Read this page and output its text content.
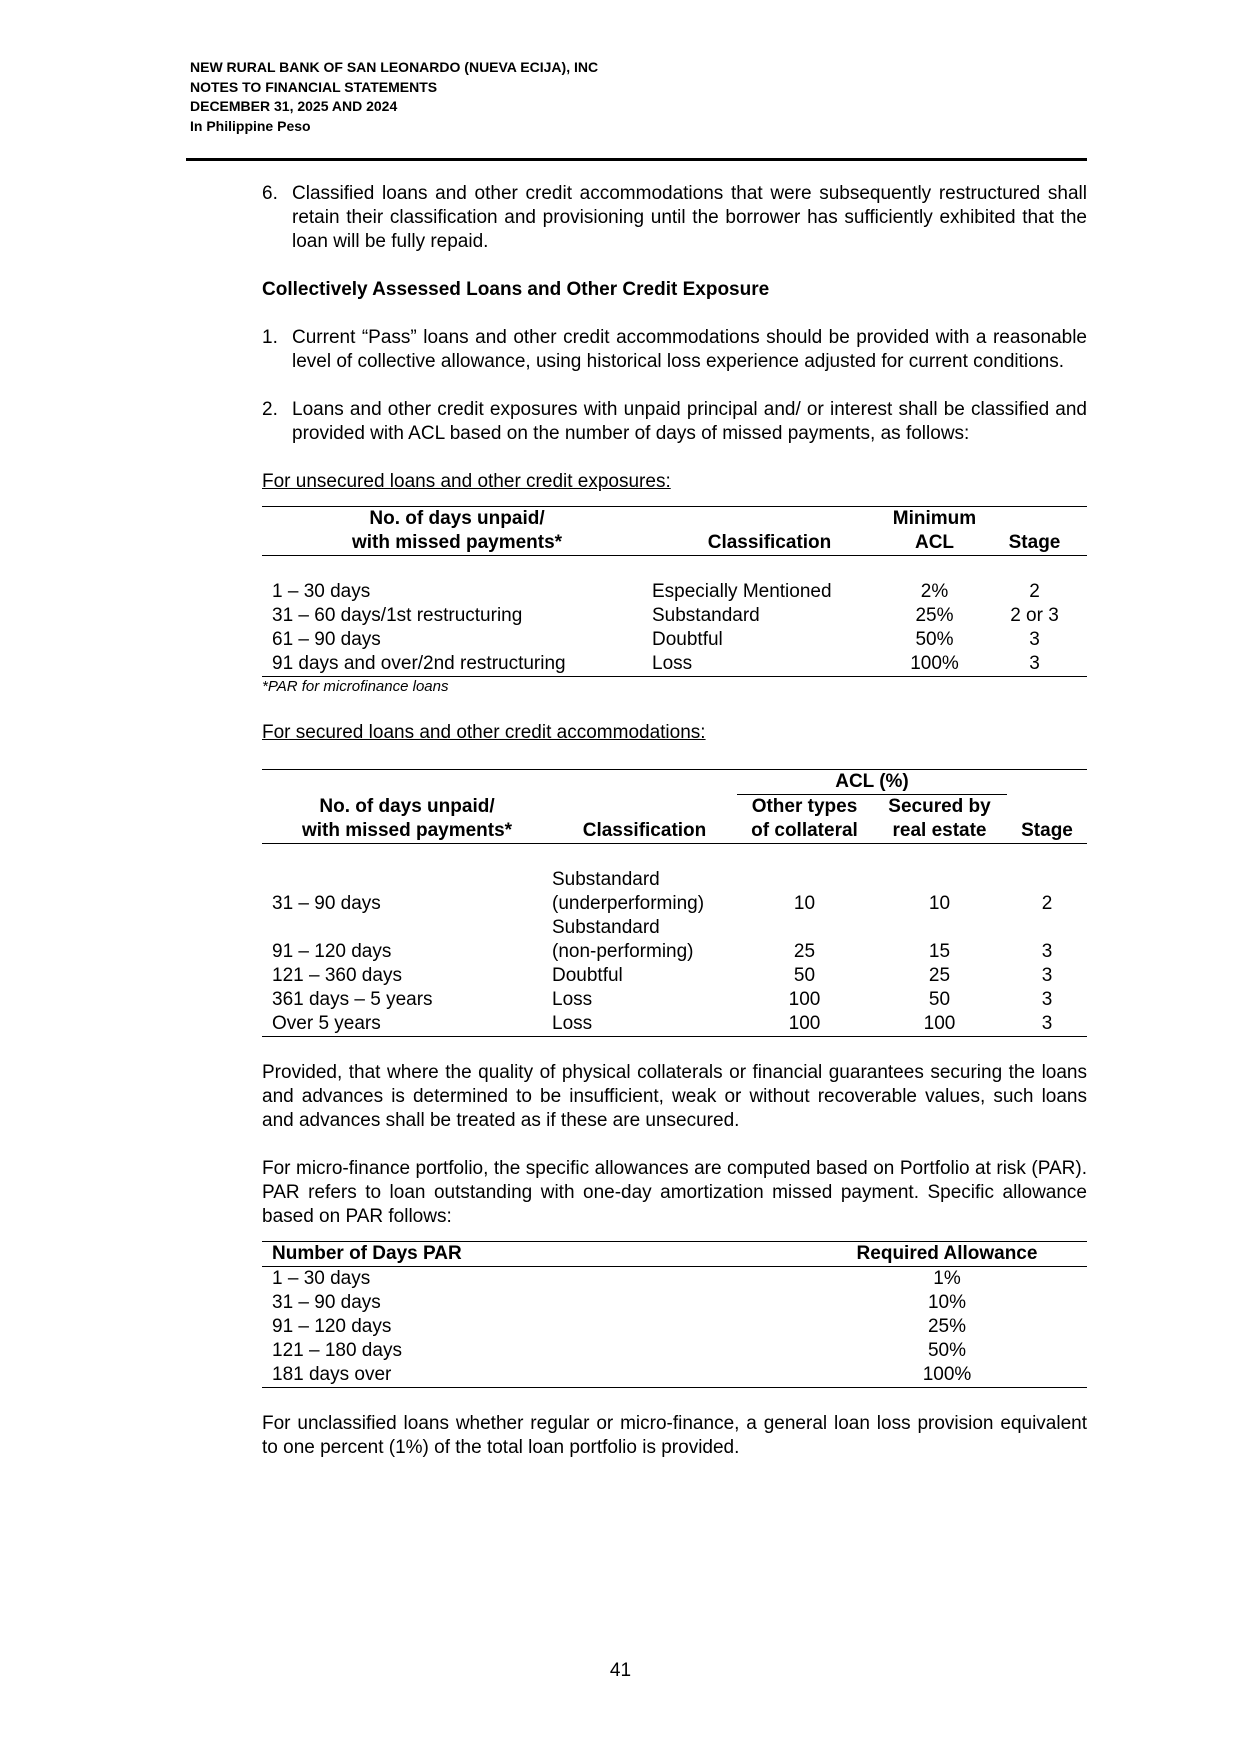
NEW RURAL BANK OF SAN LEONARDO (NUEVA ECIJA), INC
NOTES TO FINANCIAL STATEMENTS
DECEMBER 31, 2025 AND 2024
In Philippine Peso
6. Classified loans and other credit accommodations that were subsequently restructured shall retain their classification and provisioning until the borrower has sufficiently exhibited that the loan will be fully repaid.
Collectively Assessed Loans and Other Credit Exposure
1. Current “Pass” loans and other credit accommodations should be provided with a reasonable level of collective allowance, using historical loss experience adjusted for current conditions.
2. Loans and other credit exposures with unpaid principal and/ or interest shall be classified and provided with ACL based on the number of days of missed payments, as follows:
For unsecured loans and other credit exposures:
No. of days unpaid/		Minimum	
with missed payments*	Classification	ACL	Stage

1 – 30 days	Especially Mentioned	2%	2
31 – 60 days/1st restructuring	Substandard	25%	2 or 3
61 – 90 days	Doubtful	50%	3
91 days and over/2nd restructuring	Loss	100%	3
*PAR for microfinance loans
For secured loans and other credit accommodations:
		ACL (%)		
No. of days unpaid/		Other types	Secured by	
with missed payments*	Classification	of collateral	real estate	Stage

	Substandard			
31 – 90 days	(underperforming)	10	10	2
	Substandard			
91 – 120 days	(non-performing)	25	15	3
121 – 360 days	Doubtful	50	25	3
361 days – 5 years	Loss	100	50	3
Over 5 years	Loss	100	100	3
Provided, that where the quality of physical collaterals or financial guarantees securing the loans and advances is determined to be insufficient, weak or without recoverable values, such loans and advances shall be treated as if these are unsecured.
For micro-finance portfolio, the specific allowances are computed based on Portfolio at risk (PAR). PAR refers to loan outstanding with one-day amortization missed payment. Specific allowance based on PAR follows:
Number of Days PAR	Required Allowance
1 – 30 days	1%
31 – 90 days	10%
91 – 120 days	25%
121 – 180 days	50%
181 days over	100%
For unclassified loans whether regular or micro-finance, a general loan loss provision equivalent to one percent (1%) of the total loan portfolio is provided.
41
